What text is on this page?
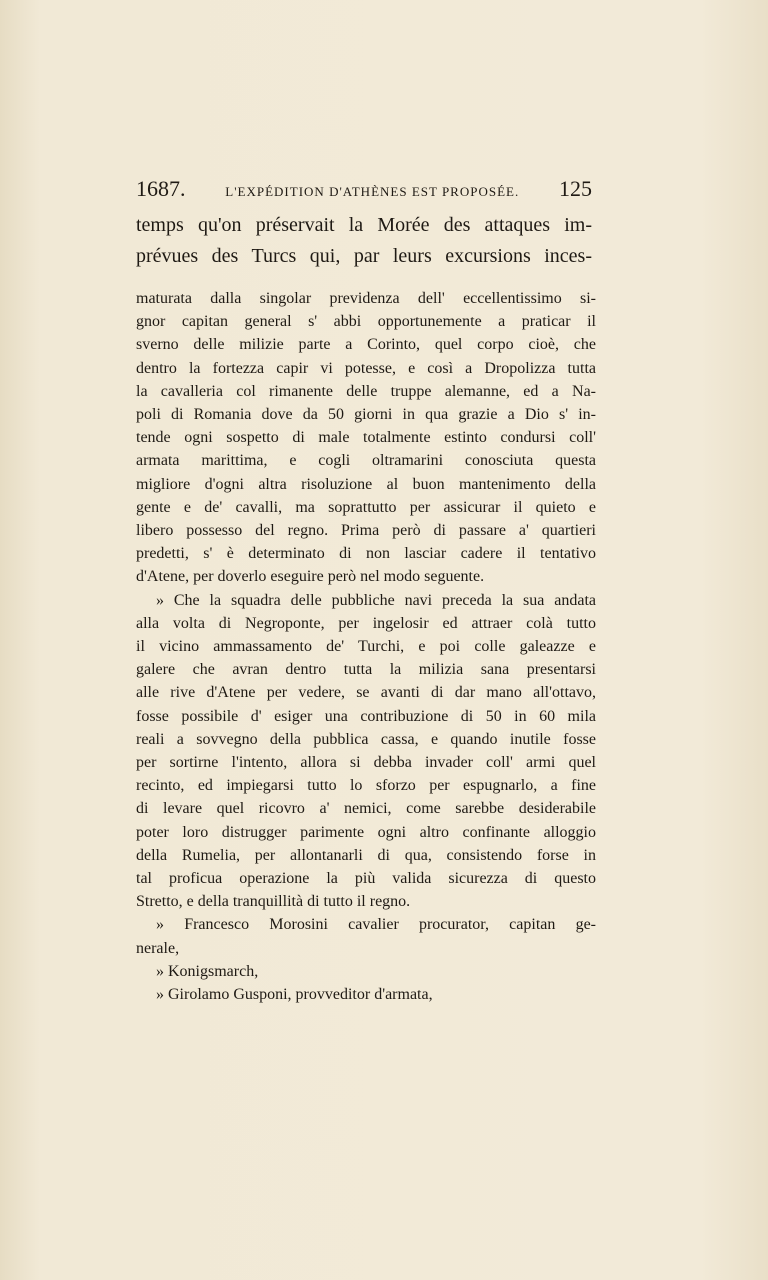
1687.	L'EXPÉDITION D'ATHÈNES EST PROPOSÉE. 125
temps qu'on préservait la Morée des attaques im-
prévues des Turcs qui, par leurs excursions inces-
maturata dalla singolar previdenza dell' eccellentissimo si-
gnor capitan general s' abbi opportunemente a praticar il
sverno delle milizie parte a Corinto, quel corpo cioè, che
dentro la fortezza capir vi potesse, e così a Dropolizza tutta
la cavalleria col rimanente delle truppe alemanne, ed a Na-
poli di Romania dove da 50 giorni in qua grazie a Dio s' in-
tende ogni sospetto di male totalmente estinto condursi coll'
armata marittima, e cogli oltramarini conosciuta questa
migliore d'ogni altra risoluzione al buon mantenimento della
gente e de' cavalli, ma soprattutto per assicurar il quieto e
libero possesso del regno. Prima però di passare a' quartieri
predetti, s' è determinato di non lasciar cadere il tentativo
d'Atene, per doverlo eseguire però nel modo seguente.
» Che la squadra delle pubbliche navi preceda la sua andata
alla volta di Negroponte, per ingelosir ed attraer colà tutto
il vicino ammassamento de' Turchi, e poi colle galeazze e
galere che avran dentro tutta la milizia sana presentarsi
alle rive d'Atene per vedere, se avanti di dar mano all'ottavo,
fosse possibile d' esiger una contribuzione di 50 in 60 mila
reali a sovvegno della pubblica cassa, e quando inutile fosse
per sortirne l'intento, allora si debba invader coll' armi quel
recinto, ed impiegarsi tutto lo sforzo per espugnarlo, a fine
di levare quel ricovro a' nemici, come sarebbe desiderabile
poter loro distrugger parimente ogni altro confinante alloggio
della Rumelia, per allontanarli di qua, consistendo forse in
tal proficua operazione la più valida sicurezza di questo
Stretto, e della tranquillità di tutto il regno.
» Francesco Morosini cavalier procurator, capitan ge-
nerale,
» Konigsmarch,
» Girolamo Gusponi, provveditor d'armata,
